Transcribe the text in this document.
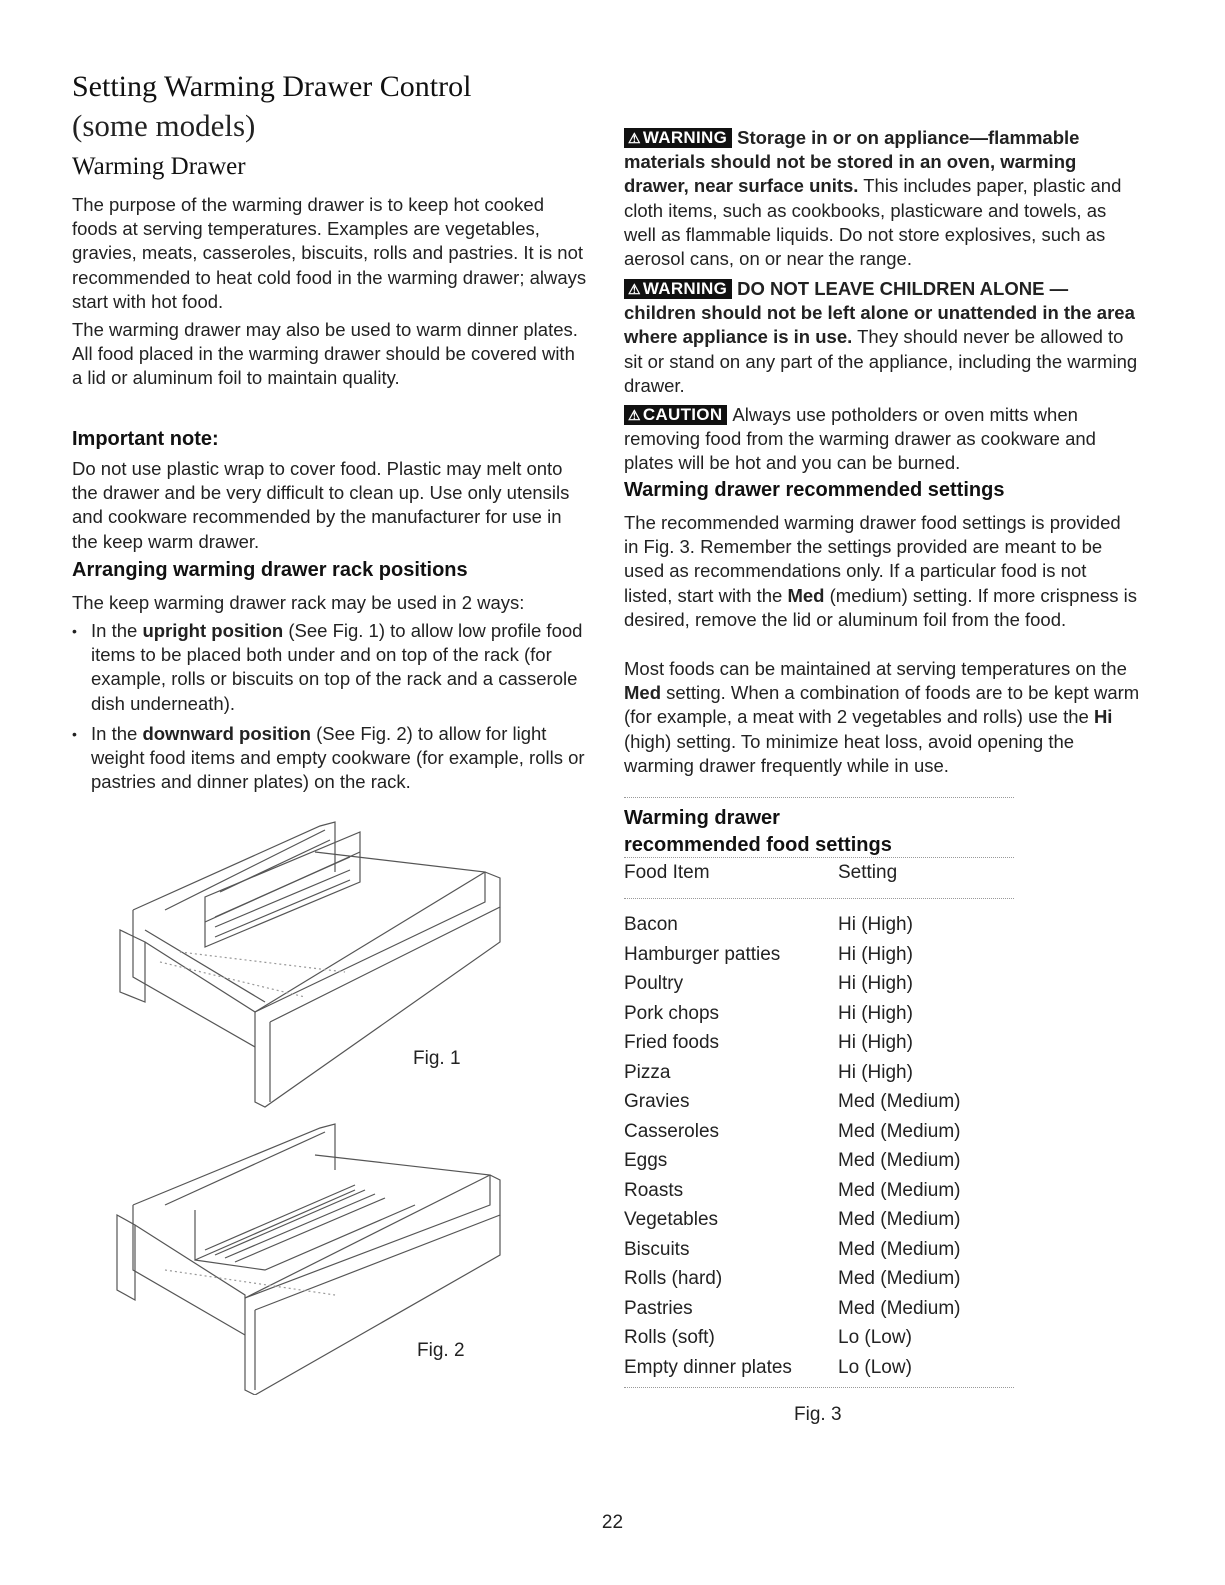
Setting Warming Drawer Control
(some models)
Warming Drawer
The purpose of the warming drawer is to keep hot cooked foods at serving temperatures. Examples are vegetables, gravies, meats, casseroles, biscuits, rolls and pastries. It is not recommended to heat cold food in the warming drawer; always start with hot food.
The warming drawer may also be used to warm dinner plates. All food placed in the warming drawer should be covered with a lid or aluminum foil to maintain quality.
Important note:
Do not use plastic wrap to cover food. Plastic may melt onto the drawer and be very difficult to clean up. Use only utensils and cookware recommended by the manufacturer for use in the keep warm drawer.
Arranging warming drawer rack positions
The keep warming drawer rack may be used in 2 ways:
• In the upright position (See Fig. 1) to allow low profile food items to be placed both under and on top of the rack (for example, rolls or biscuits on top of the rack and a casserole dish underneath).
• In the downward position (See Fig. 2) to allow for light weight food items and empty cookware (for example, rolls or pastries and dinner plates) on the rack.
Fig. 1
Fig. 2
⚠ WARNING Storage in or on appliance—flammable materials should not be stored in an oven, warming drawer, near surface units. This includes paper, plastic and cloth items, such as cookbooks, plasticware and towels, as well as flammable liquids. Do not store explosives, such as aerosol cans, on or near the range.
⚠ WARNING DO NOT LEAVE CHILDREN ALONE — children should not be left alone or unattended in the area where appliance is in use. They should never be allowed to sit or stand on any part of the appliance, including the warming drawer.
⚠ CAUTION Always use potholders or oven mitts when removing food from the warming drawer as cookware and plates will be hot and you can be burned.
Warming drawer recommended settings
The recommended warming drawer food settings is provided in Fig. 3. Remember the settings provided are meant to be used as recommendations only. If a particular food is not listed, start with the Med (medium) setting. If more crispness is desired, remove the lid or aluminum foil from the food.
Most foods can be maintained at serving temperatures on the Med setting. When a combination of foods are to be kept warm (for example, a meat with 2 vegetables and rolls) use the Hi (high) setting. To minimize heat loss, avoid opening the warming drawer frequently while in use.
Warming drawer
recommended food settings
Food Item	Setting
Bacon	Hi (High)
Hamburger patties	Hi (High)
Poultry	Hi (High)
Pork chops	Hi (High)
Fried foods	Hi (High)
Pizza	Hi (High)
Gravies	Med (Medium)
Casseroles	Med (Medium)
Eggs	Med (Medium)
Roasts	Med (Medium)
Vegetables	Med (Medium)
Biscuits	Med (Medium)
Rolls (hard)	Med (Medium)
Pastries	Med (Medium)
Rolls (soft)	Lo (Low)
Empty dinner plates	Lo (Low)
Fig. 3
22
